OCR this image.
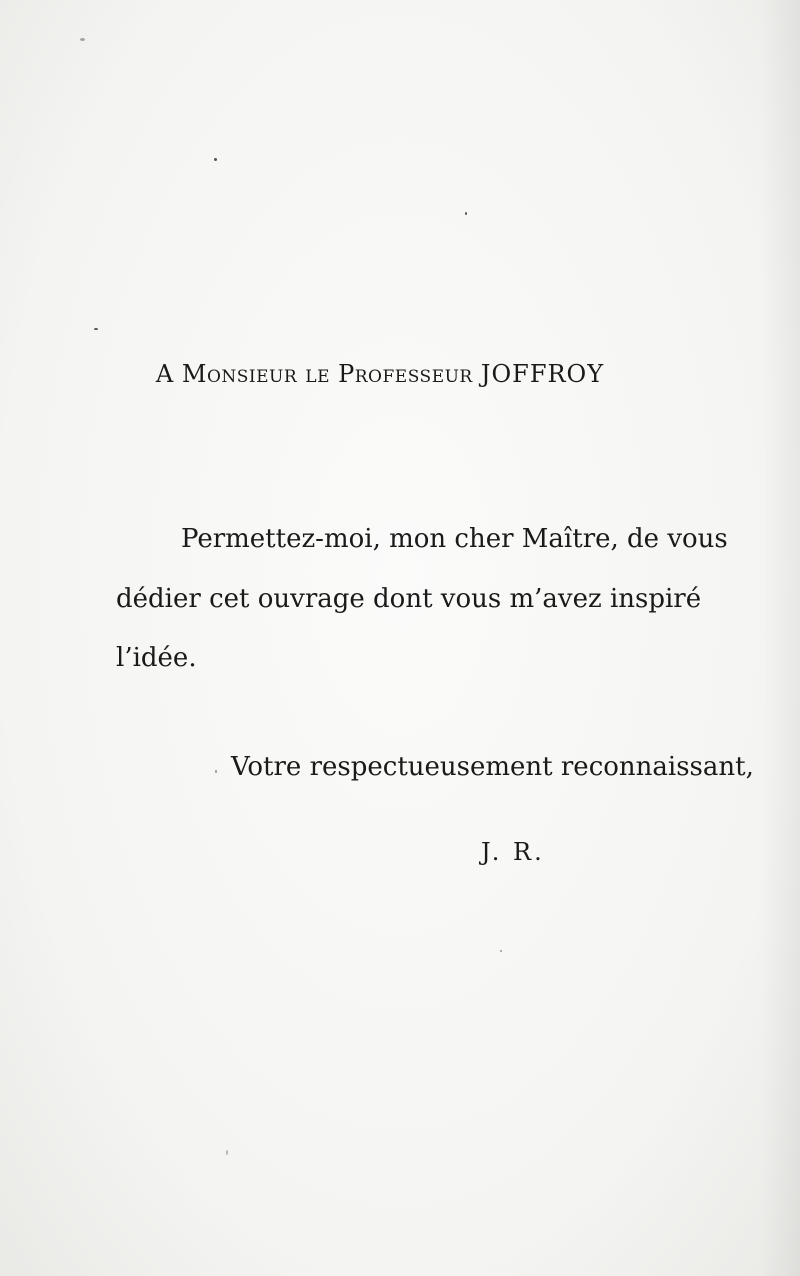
A Monsieur le Professeur JOFFROY
Permettez-moi, mon cher Maître, de vous
dédier cet ouvrage dont vous m’avez inspiré
l’idée.
Votre respectueusement reconnaissant,
J. R.
